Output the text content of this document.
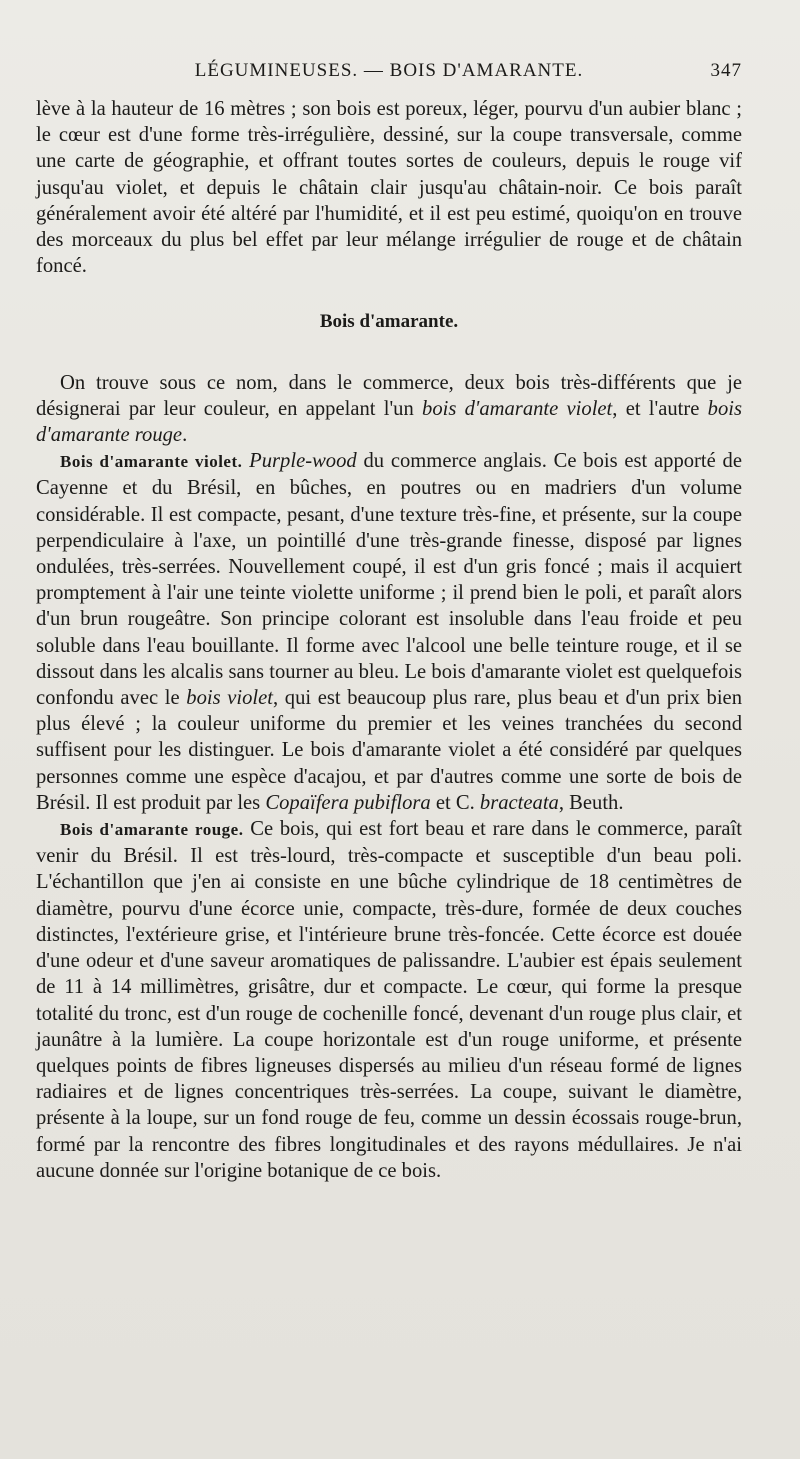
LÉGUMINEUSES. — BOIS D'AMARANTE.	347

lève à la hauteur de 16 mètres ; son bois est poreux, léger, pourvu d'un aubier blanc ; le cœur est d'une forme très-irrégulière, dessiné, sur la coupe transversale, comme une carte de géographie, et offrant toutes sortes de couleurs, depuis le rouge vif jusqu'au violet, et depuis le châtain clair jusqu'au châtain-noir. Ce bois paraît généralement avoir été altéré par l'humidité, et il est peu estimé, quoiqu'on en trouve des morceaux du plus bel effet par leur mélange irrégulier de rouge et de châtain foncé.

Bois d'amarante.

On trouve sous ce nom, dans le commerce, deux bois très-différents que je désignerai par leur couleur, en appelant l'un bois d'amarante violet, et l'autre bois d'amarante rouge.

Bois d'amarante violet. Purple-wood du commerce anglais. Ce bois est apporté de Cayenne et du Brésil, en bûches, en poutres ou en madriers d'un volume considérable. Il est compacte, pesant, d'une texture très-fine, et présente, sur la coupe perpendiculaire à l'axe, un pointillé d'une très-grande finesse, disposé par lignes ondulées, très-serrées. Nouvellement coupé, il est d'un gris foncé ; mais il acquiert promptement à l'air une teinte violette uniforme ; il prend bien le poli, et paraît alors d'un brun rougeâtre. Son principe colorant est insoluble dans l'eau froide et peu soluble dans l'eau bouillante. Il forme avec l'alcool une belle teinture rouge, et il se dissout dans les alcalis sans tourner au bleu. Le bois d'amarante violet est quelquefois confondu avec le bois violet, qui est beaucoup plus rare, plus beau et d'un prix bien plus élevé ; la couleur uniforme du premier et les veines tranchées du second suffisent pour les distinguer. Le bois d'amarante violet a été considéré par quelques personnes comme une espèce d'acajou, et par d'autres comme une sorte de bois de Brésil. Il est produit par les Copaïfera pubiflora et C. bracteata, Beuth.

Bois d'amarante rouge. Ce bois, qui est fort beau et rare dans le commerce, paraît venir du Brésil. Il est très-lourd, très-compacte et susceptible d'un beau poli. L'échantillon que j'en ai consiste en une bûche cylindrique de 18 centimètres de diamètre, pourvu d'une écorce unie, compacte, très-dure, formée de deux couches distinctes, l'extérieure grise, et l'intérieure brune très-foncée. Cette écorce est douée d'une odeur et d'une saveur aromatiques de palissandre. L'aubier est épais seulement de 11 à 14 millimètres, grisâtre, dur et compacte. Le cœur, qui forme la presque totalité du tronc, est d'un rouge de cochenille foncé, devenant d'un rouge plus clair, et jaunâtre à la lumière. La coupe horizontale est d'un rouge uniforme, et présente quelques points de fibres ligneuses dispersés au milieu d'un réseau formé de lignes radiaires et de lignes concentriques très-serrées. La coupe, suivant le diamètre, présente à la loupe, sur un fond rouge de feu, comme un dessin écossais rouge-brun, formé par la rencontre des fibres longitudinales et des rayons médullaires. Je n'ai aucune donnée sur l'origine botanique de ce bois.
